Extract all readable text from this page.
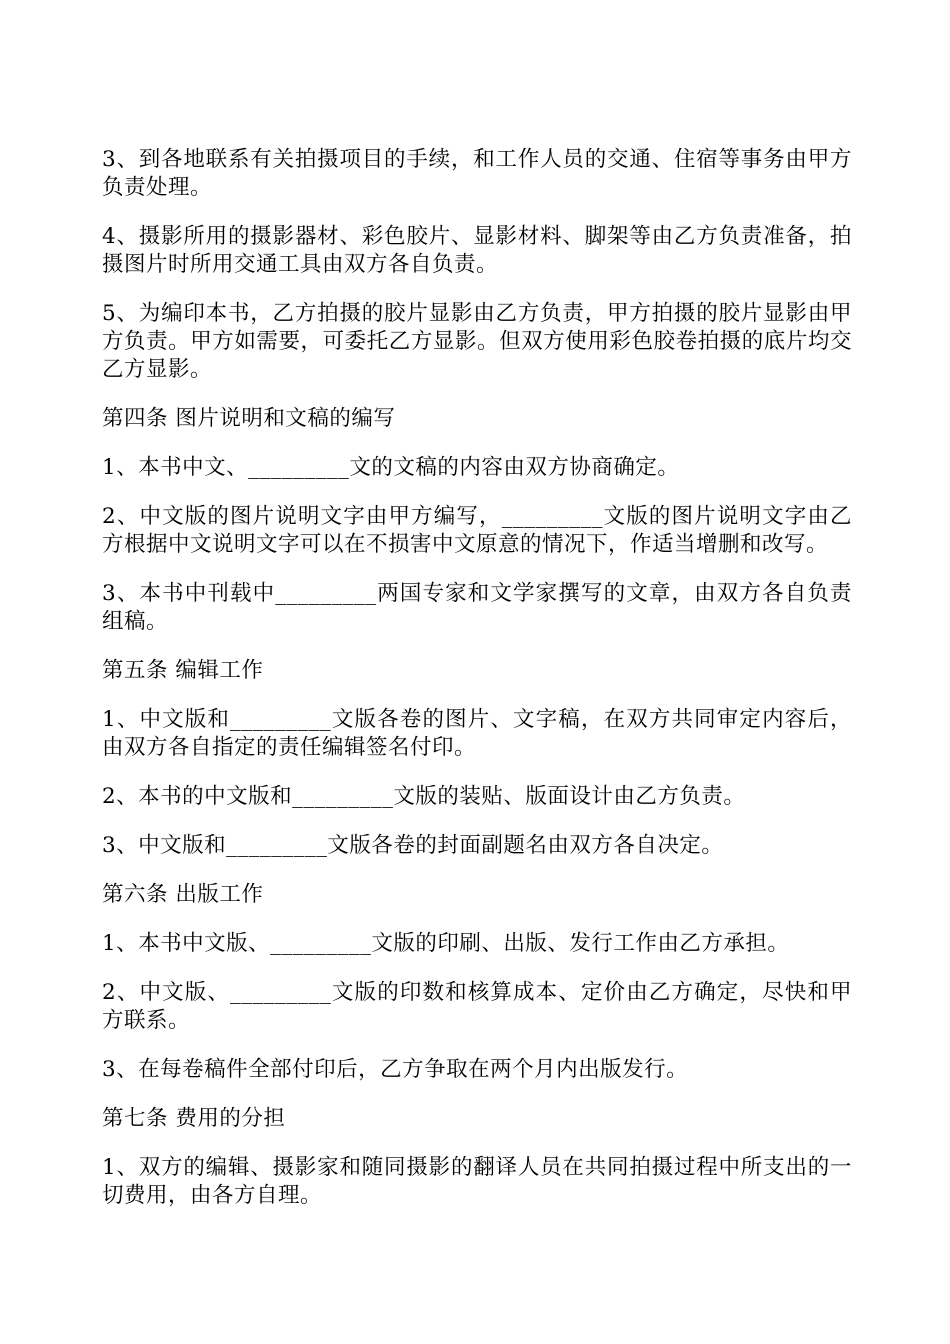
3、到各地联系有关拍摄项目的手续，和工作人员的交通、住宿等事务由甲方负责处理。

4、摄影所用的摄影器材、彩色胶片、显影材料、脚架等由乙方负责准备，拍摄图片时所用交通工具由双方各自负责。

5、为编印本书，乙方拍摄的胶片显影由乙方负责，甲方拍摄的胶片显影由甲方负责。甲方如需要，可委托乙方显影。但双方使用彩色胶卷拍摄的底片均交乙方显影。

第四条 图片说明和文稿的编写

1、本书中文、_________文的文稿的内容由双方协商确定。

2、中文版的图片说明文字由甲方编写，_________文版的图片说明文字由乙方根据中文说明文字可以在不损害中文原意的情况下，作适当增删和改写。

3、本书中刊载中_________两国专家和文学家撰写的文章，由双方各自负责组稿。

第五条 编辑工作

1、中文版和_________文版各卷的图片、文字稿，在双方共同审定内容后，由双方各自指定的责任编辑签名付印。

2、本书的中文版和_________文版的装贴、版面设计由乙方负责。

3、中文版和_________文版各卷的封面副题名由双方各自决定。

第六条 出版工作

1、本书中文版、_________文版的印刷、出版、发行工作由乙方承担。

2、中文版、_________文版的印数和核算成本、定价由乙方确定，尽快和甲方联系。

3、在每卷稿件全部付印后，乙方争取在两个月内出版发行。

第七条 费用的分担

1、双方的编辑、摄影家和随同摄影的翻译人员在共同拍摄过程中所支出的一切费用，由各方自理。
